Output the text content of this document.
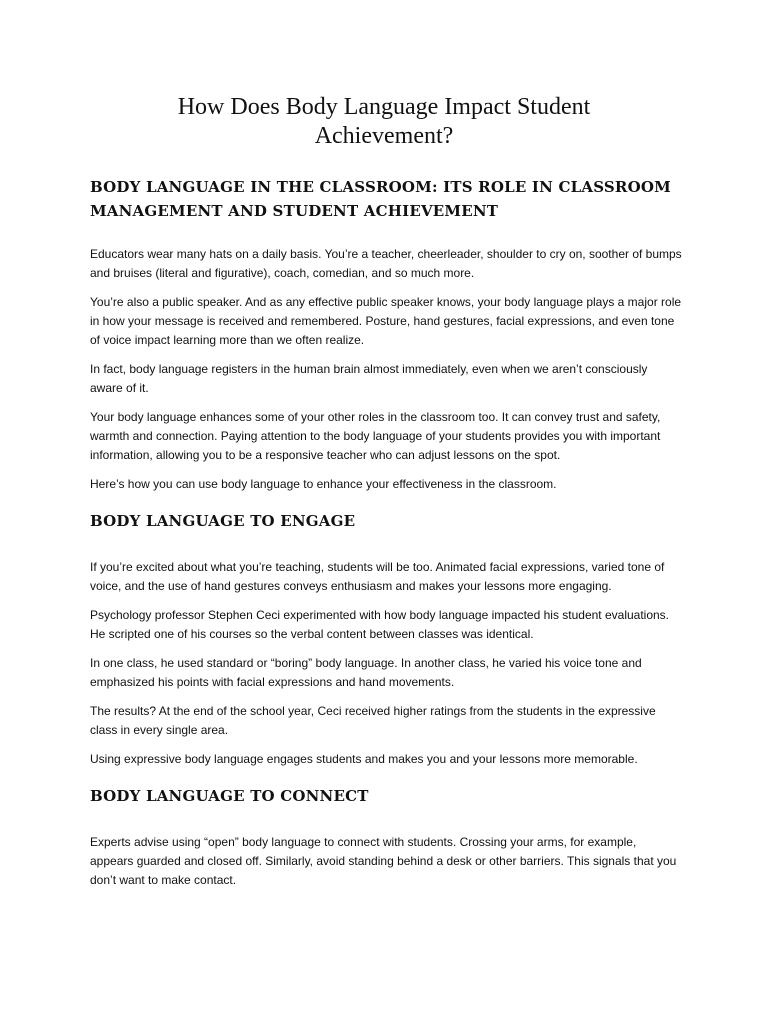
How Does Body Language Impact Student Achievement?
BODY LANGUAGE IN THE CLASSROOM: ITS ROLE IN CLASSROOM MANAGEMENT AND STUDENT ACHIEVEMENT

Educators wear many hats on a daily basis. You’re a teacher, cheerleader, shoulder to cry on, soother of bumps and bruises (literal and figurative), coach, comedian, and so much more.

You’re also a public speaker. And as any effective public speaker knows, your body language plays a major role in how your message is received and remembered. Posture, hand gestures, facial expressions, and even tone of voice impact learning more than we often realize.

In fact, body language registers in the human brain almost immediately, even when we aren’t consciously aware of it.

Your body language enhances some of your other roles in the classroom too. It can convey trust and safety, warmth and connection. Paying attention to the body language of your students provides you with important information, allowing you to be a responsive teacher who can adjust lessons on the spot.

Here’s how you can use body language to enhance your effectiveness in the classroom.

BODY LANGUAGE TO ENGAGE

If you’re excited about what you’re teaching, students will be too. Animated facial expressions, varied tone of voice, and the use of hand gestures conveys enthusiasm and makes your lessons more engaging.

Psychology professor Stephen Ceci experimented with how body language impacted his student evaluations. He scripted one of his courses so the verbal content between classes was identical.

In one class, he used standard or “boring” body language. In another class, he varied his voice tone and emphasized his points with facial expressions and hand movements.

The results? At the end of the school year, Ceci received higher ratings from the students in the expressive class in every single area.

Using expressive body language engages students and makes you and your lessons more memorable.

BODY LANGUAGE TO CONNECT

Experts advise using “open” body language to connect with students. Crossing your arms, for example, appears guarded and closed off. Similarly, avoid standing behind a desk or other barriers. This signals that you don’t want to make contact.
